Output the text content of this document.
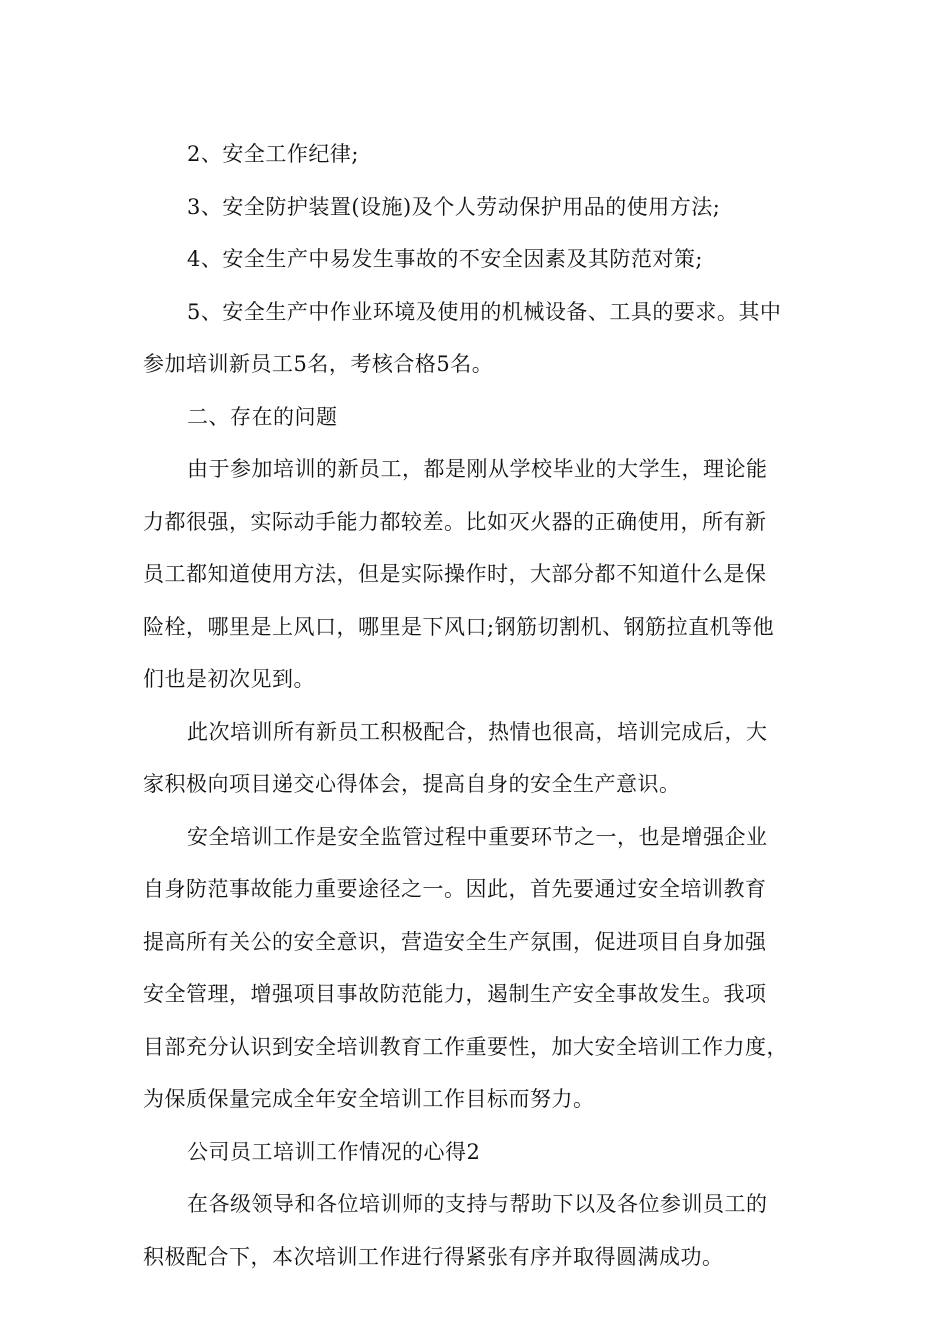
2、安全工作纪律;
3、安全防护装置(设施)及个人劳动保护用品的使用方法;
4、安全生产中易发生事故的不安全因素及其防范对策;
5、安全生产中作业环境及使用的机械设备、工具的要求。其中
参加培训新员工5名，考核合格5名。
二、存在的问题
由于参加培训的新员工，都是刚从学校毕业的大学生，理论能
力都很强，实际动手能力都较差。比如灭火器的正确使用，所有新
员工都知道使用方法，但是实际操作时，大部分都不知道什么是保
险栓，哪里是上风口，哪里是下风口;钢筋切割机、钢筋拉直机等他
们也是初次见到。
此次培训所有新员工积极配合，热情也很高，培训完成后，大
家积极向项目递交心得体会，提高自身的安全生产意识。
安全培训工作是安全监管过程中重要环节之一，也是增强企业
自身防范事故能力重要途径之一。因此，首先要通过安全培训教育
提高所有关公的安全意识，营造安全生产氛围，促进项目自身加强
安全管理，增强项目事故防范能力，遏制生产安全事故发生。我项
目部充分认识到安全培训教育工作重要性，加大安全培训工作力度，
为保质保量完成全年安全培训工作目标而努力。
公司员工培训工作情况的心得2
在各级领导和各位培训师的支持与帮助下以及各位参训员工的
积极配合下，本次培训工作进行得紧张有序并取得圆满成功。
